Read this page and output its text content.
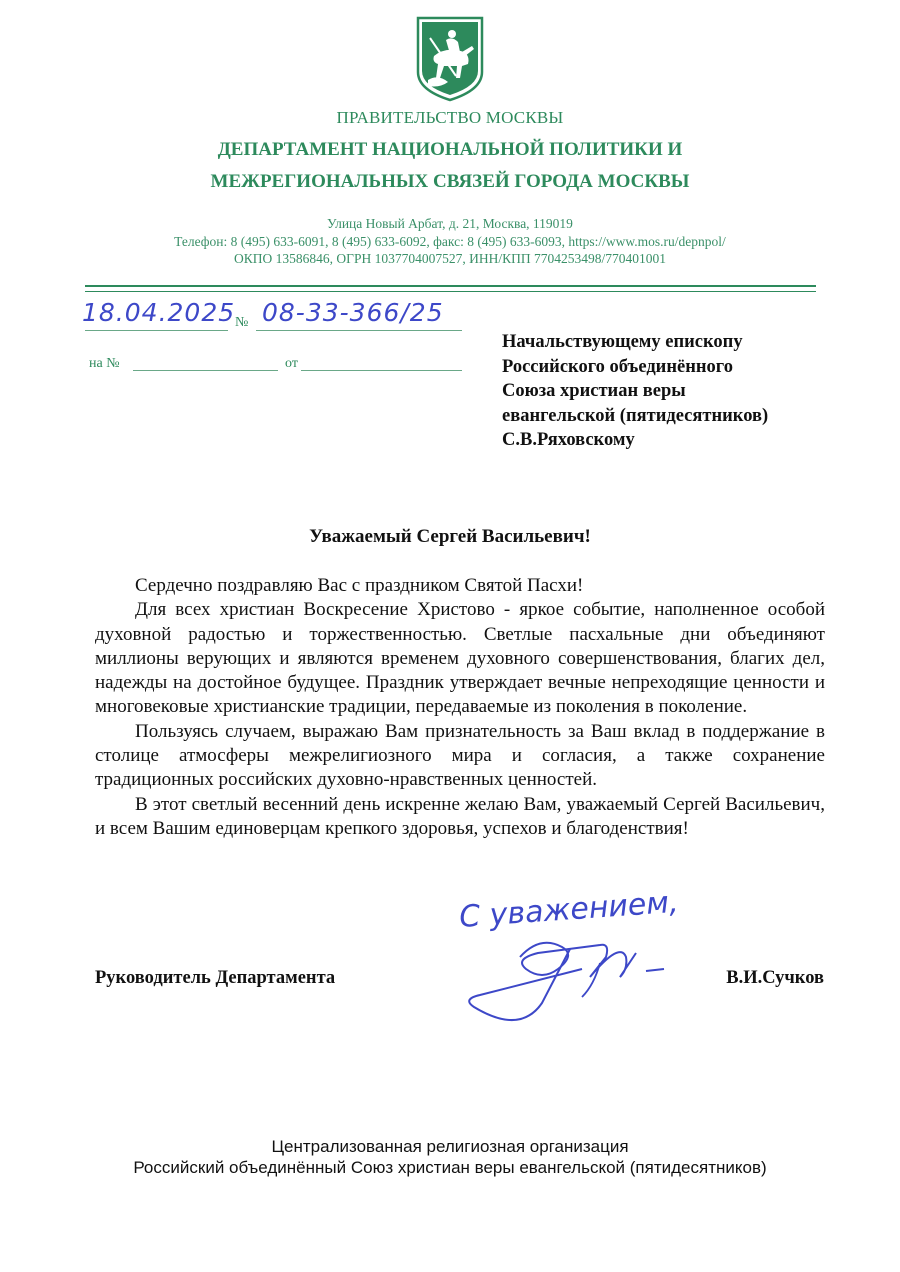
ПРАВИТЕЛЬСТВО МОСКВЫ
ДЕПАРТАМЕНТ НАЦИОНАЛЬНОЙ ПОЛИТИКИ И
МЕЖРЕГИОНАЛЬНЫХ СВЯЗЕЙ ГОРОДА МОСКВЫ
Улица Новый Арбат, д. 21, Москва, 119019
Телефон: 8 (495) 633-6091, 8 (495) 633-6092, факс: 8 (495) 633-6093, https://www.mos.ru/depnpol/
ОКПО 13586846, ОГРН 1037704007527, ИНН/КПП 7704253498/770401001
18.04.2025 № 08-33-366/25
на №	от
Начальствующему епископу
Российского объединённого
Союза христиан веры
евангельской (пятидесятников)
С.В.Ряховскому
Уважаемый Сергей Васильевич!

Сердечно поздравляю Вас с праздником Святой Пасхи!

Для всех христиан Воскресение Христово - яркое событие, наполненное особой духовной радостью и торжественностью. Светлые пасхальные дни объединяют миллионы верующих и являются временем духовного совершенствования, благих дел, надежды на достойное будущее. Праздник утверждает вечные непреходящие ценности и многовековые христианские традиции, передаваемые из поколения в поколение.

Пользуясь случаем, выражаю Вам признательность за Ваш вклад в поддержание в столице атмосферы межрелигиозного мира и согласия, а также сохранение традиционных российских духовно-нравственных ценностей.

В этот светлый весенний день искренне желаю Вам, уважаемый Сергей Васильевич, и всем Вашим единоверцам крепкого здоровья, успехов и благоденствия!

Руководитель Департамента
С уважением,
В.И.Сучков
Централизованная религиозная организация
Российский объединённый Союз христиан веры евангельской (пятидесятников)
